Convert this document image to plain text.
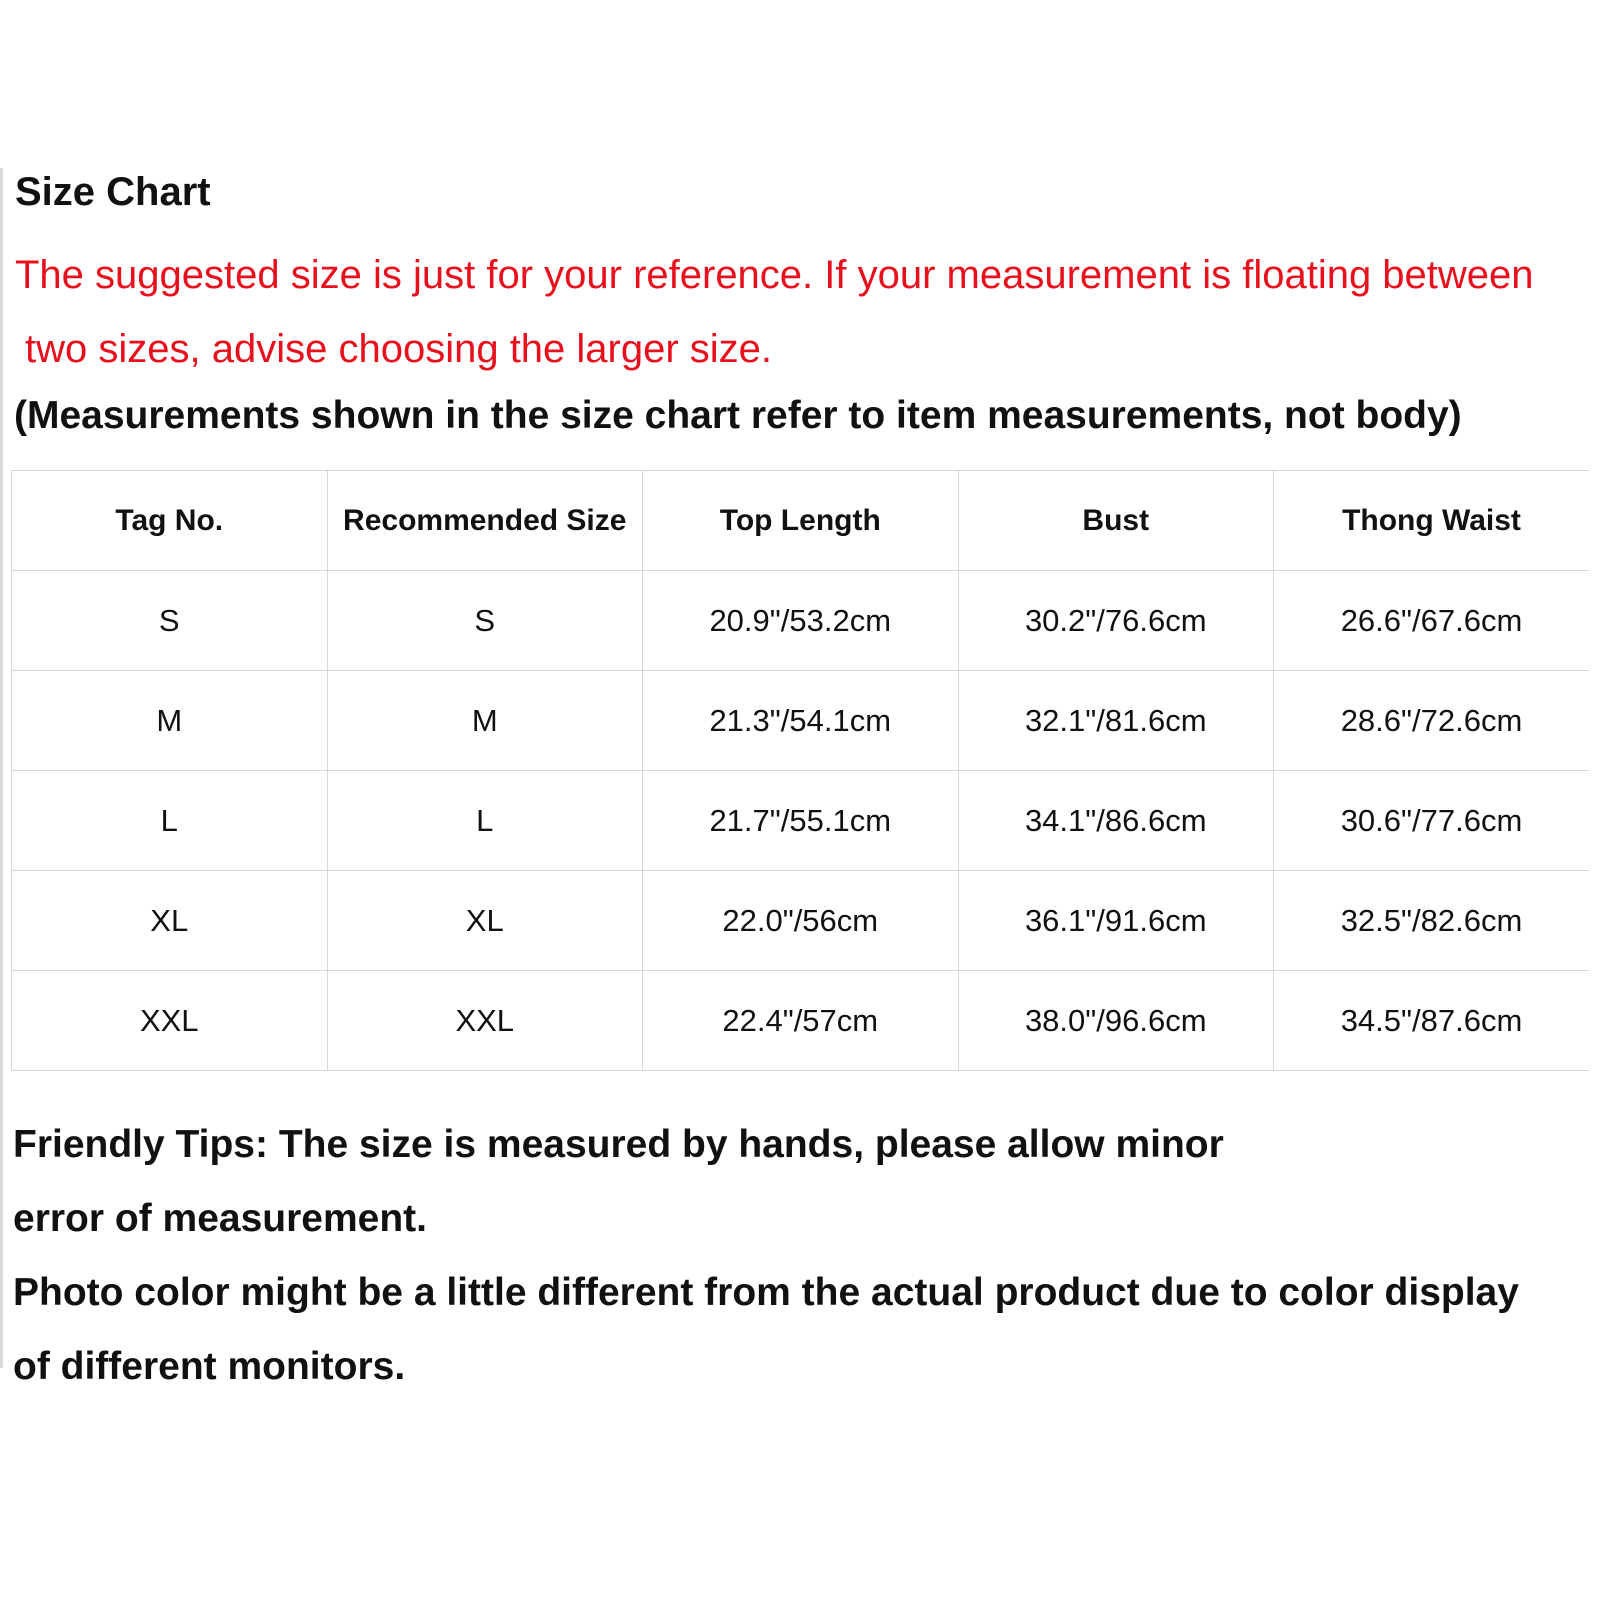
Size Chart
The suggested size is just for your reference. If your measurement is floating between
two sizes, advise choosing the larger size.
(Measurements shown in the size chart refer to item measurements, not body)
Tag No.	Recommended Size	Top Length	Bust	Thong Waist
S	S	20.9"/53.2cm	30.2"/76.6cm	26.6"/67.6cm
M	M	21.3"/54.1cm	32.1"/81.6cm	28.6"/72.6cm
L	L	21.7"/55.1cm	34.1"/86.6cm	30.6"/77.6cm
XL	XL	22.0"/56cm	36.1"/91.6cm	32.5"/82.6cm
XXL	XXL	22.4"/57cm	38.0"/96.6cm	34.5"/87.6cm
Friendly Tips: The size is measured by hands, please allow minor
error of measurement.
Photo color might be a little different from the actual product due to color display
of different monitors.
